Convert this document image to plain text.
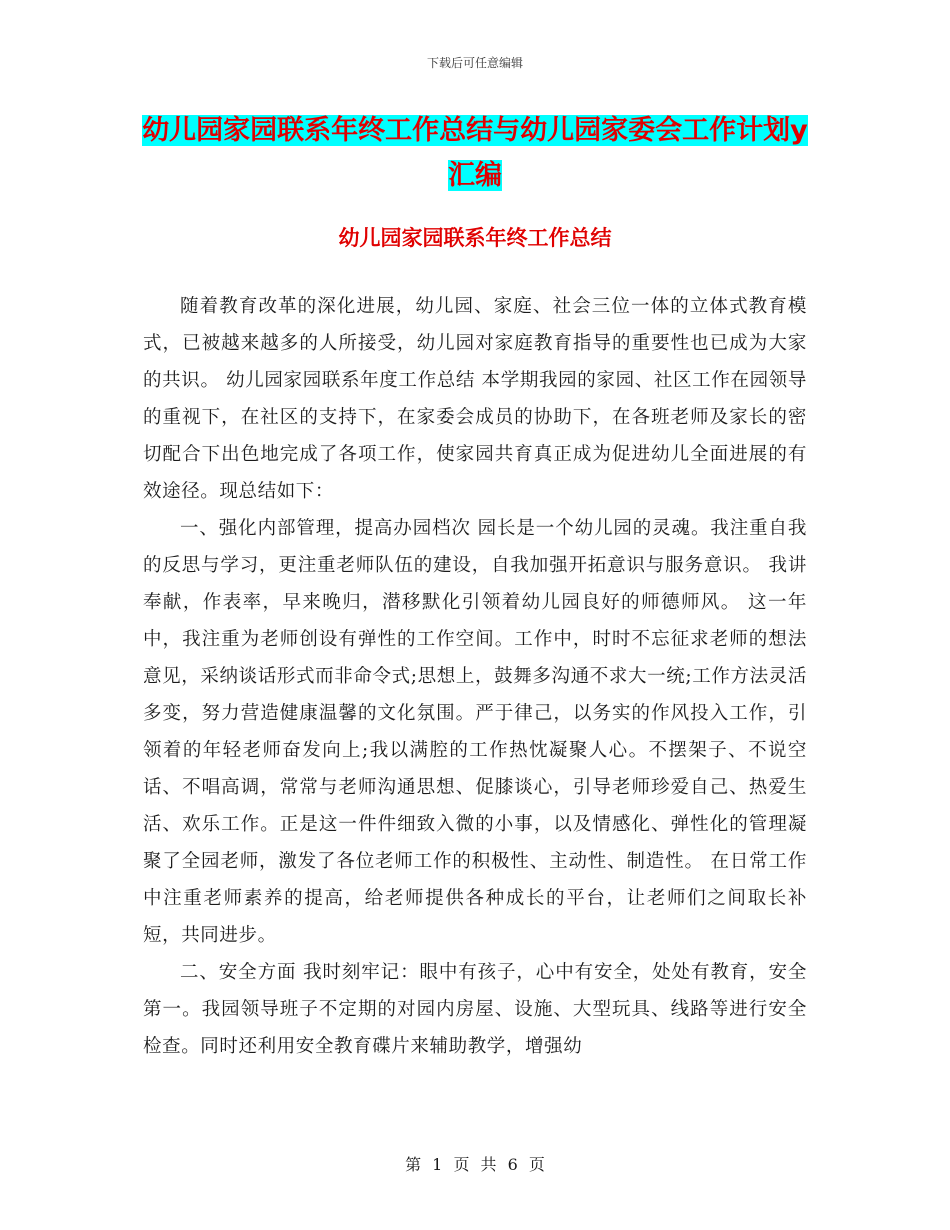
下载后可任意编辑
幼儿园家园联系年终工作总结与幼儿园家委会工作计划y汇编
幼儿园家园联系年终工作总结

随着教育改革的深化进展，幼儿园、家庭、社会三位一体的立体式教育模式，已被越来越多的人所接受，幼儿园对家庭教育指导的重要性也已成为大家的共识。 幼儿园家园联系年度工作总结 本学期我园的家园、社区工作在园领导的重视下，在社区的支持下，在家委会成员的协助下，在各班老师及家长的密切配合下出色地完成了各项工作，使家园共育真正成为促进幼儿全面进展的有效途径。现总结如下：

一、强化内部管理，提高办园档次 园长是一个幼儿园的灵魂。我注重自我的反思与学习，更注重老师队伍的建设，自我加强开拓意识与服务意识。 我讲奉献，作表率，早来晚归，潜移默化引领着幼儿园良好的师德师风。 这一年中，我注重为老师创设有弹性的工作空间。工作中，时时不忘征求老师的想法意见，采纳谈话形式而非命令式;思想上，鼓舞多沟通不求大一统;工作方法灵活多变，努力营造健康温馨的文化氛围。严于律己，以务实的作风投入工作，引领着的年轻老师奋发向上;我以满腔的工作热忱凝聚人心。不摆架子、不说空话、不唱高调，常常与老师沟通思想、促膝谈心，引导老师珍爱自己、热爱生活、欢乐工作。正是这一件件细致入微的小事，以及情感化、弹性化的管理凝 聚了全园老师，激发了各位老师工作的积极性、主动性、制造性。 在日常工作中注重老师素养的提高，给老师提供各种成长的平台，让老师们之间取长补短，共同进步。

二、安全方面 我时刻牢记：眼中有孩子，心中有安全，处处有教育，安全第一。我园领导班子不定期的对园内房屋、设施、大型玩具、线路等进行安全检查。同时还利用安全教育碟片来辅助教学，增强幼

第 1 页 共 6 页
